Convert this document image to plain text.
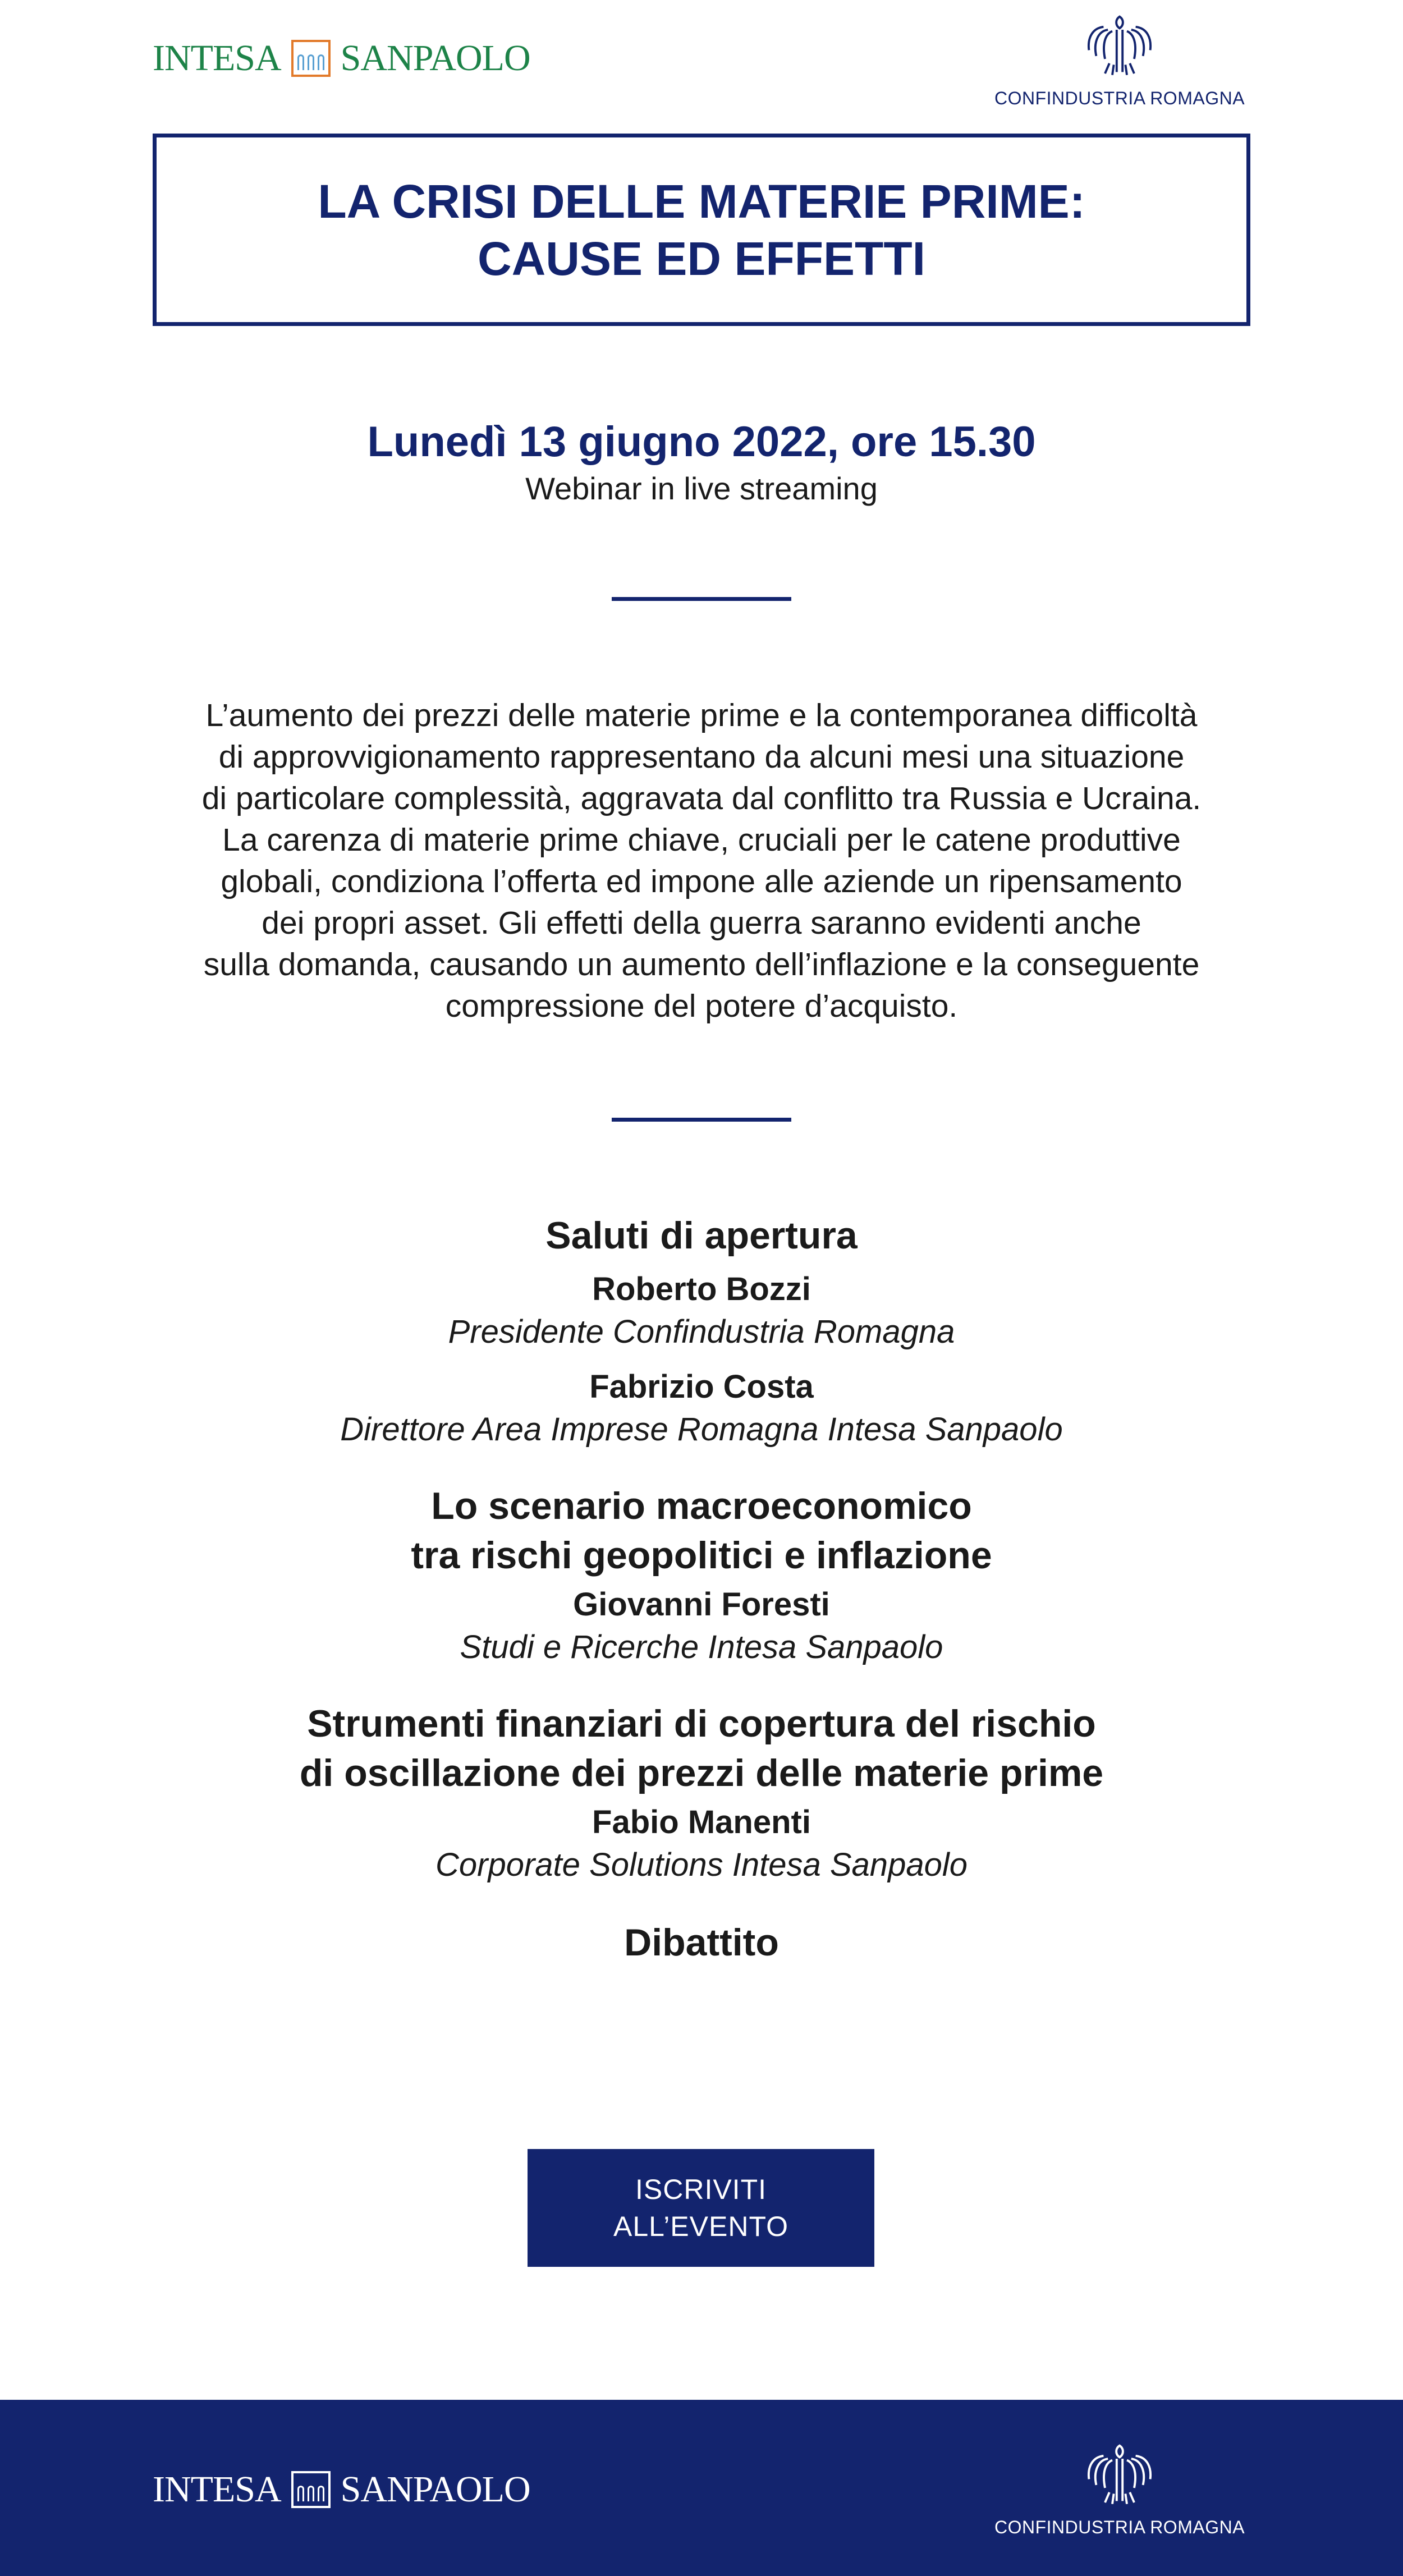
INTESA SANPAOLO
CONFINDUSTRIA ROMAGNA
LA CRISI DELLE MATERIE PRIME:
CAUSE ED EFFETTI
Lunedì 13 giugno 2022, ore 15.30
Webinar in live streaming
L’aumento dei prezzi delle materie prime e la contemporanea difficoltà
di approvvigionamento rappresentano da alcuni mesi una situazione
di particolare complessità, aggravata dal conflitto tra Russia e Ucraina.
La carenza di materie prime chiave, cruciali per le catene produttive
globali, condiziona l’offerta ed impone alle aziende un ripensamento
dei propri asset. Gli effetti della guerra saranno evidenti anche
sulla domanda, causando un aumento dell’inflazione e la conseguente
compressione del potere d’acquisto.
Saluti di apertura
Roberto Bozzi
Presidente Confindustria Romagna
Fabrizio Costa
Direttore Area Imprese Romagna Intesa Sanpaolo
Lo scenario macroeconomico
tra rischi geopolitici e inflazione
Giovanni Foresti
Studi e Ricerche Intesa Sanpaolo
Strumenti finanziari di copertura del rischio
di oscillazione dei prezzi delle materie prime
Fabio Manenti
Corporate Solutions Intesa Sanpaolo
Dibattito
ISCRIVITI
ALL’EVENTO
INTESA SANPAOLO
CONFINDUSTRIA ROMAGNA
